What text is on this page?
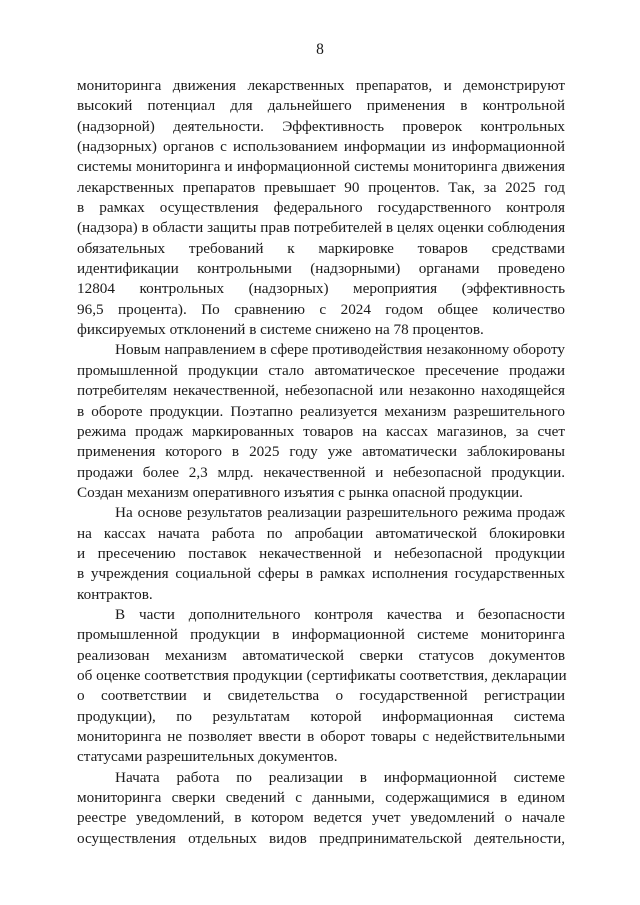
8

мониторинга движения лекарственных препаратов, и демонстрируют
высокий потенциал для дальнейшего применения в контрольной
(надзорной) деятельности. Эффективность проверок контрольных
(надзорных) органов с использованием информации из информационной
системы мониторинга и информационной системы мониторинга движения
лекарственных препаратов превышает 90 процентов. Так, за 2025 год
в рамках осуществления федерального государственного контроля
(надзора) в области защиты прав потребителей в целях оценки соблюдения
обязательных требований к маркировке товаров средствами
идентификации контрольными (надзорными) органами проведено
12804 контрольных (надзорных) мероприятия (эффективность
96,5 процента). По сравнению с 2024 годом общее количество
фиксируемых отклонений в системе снижено на 78 процентов.

Новым направлением в сфере противодействия незаконному обороту
промышленной продукции стало автоматическое пресечение продажи
потребителям некачественной, небезопасной или незаконно находящейся
в обороте продукции. Поэтапно реализуется механизм разрешительного
режима продаж маркированных товаров на кассах магазинов, за счет
применения которого в 2025 году уже автоматически заблокированы
продажи более 2,3 млрд. некачественной и небезопасной продукции.
Создан механизм оперативного изъятия с рынка опасной продукции.

На основе результатов реализации разрешительного режима продаж
на кассах начата работа по апробации автоматической блокировки
и пресечению поставок некачественной и небезопасной продукции
в учреждения социальной сферы в рамках исполнения государственных
контрактов.

В части дополнительного контроля качества и безопасности
промышленной продукции в информационной системе мониторинга
реализован механизм автоматической сверки статусов документов
об оценке соответствия продукции (сертификаты соответствия, декларации
о соответствии и свидетельства о государственной регистрации
продукции), по результатам которой информационная система
мониторинга не позволяет ввести в оборот товары с недействительными
статусами разрешительных документов.

Начата работа по реализации в информационной системе
мониторинга сверки сведений с данными, содержащимися в едином
реестре уведомлений, в котором ведется учет уведомлений о начале
осуществления отдельных видов предпринимательской деятельности,
